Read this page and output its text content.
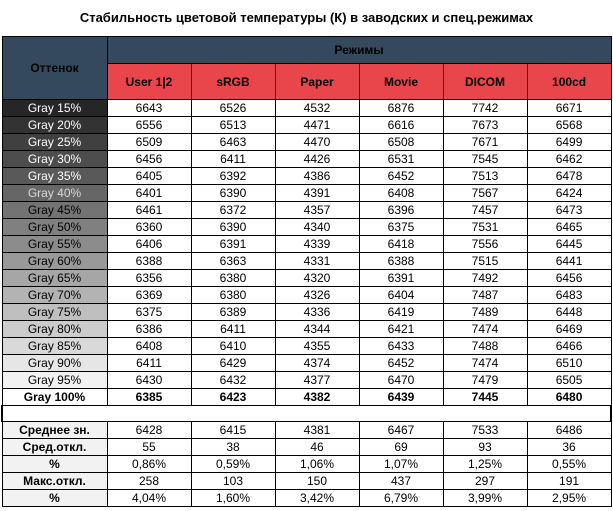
Стабильность цветовой температуры (К) в заводских и спец.режимах
Оттенок	Режимы					
	User 1|2	sRGB	Paper	Movie	DICOM	100cd
Gray 15%	6643	6526	4532	6876	7742	6671
Gray 20%	6556	6513	4471	6616	7673	6568
Gray 25%	6509	6463	4470	6508	7671	6499
Gray 30%	6456	6411	4426	6531	7545	6462
Gray 35%	6405	6392	4386	6452	7513	6478
Gray 40%	6401	6390	4391	6408	7567	6424
Gray 45%	6461	6372	4357	6396	7457	6473
Gray 50%	6360	6390	4340	6375	7531	6465
Gray 55%	6406	6391	4339	6418	7556	6445
Gray 60%	6388	6363	4331	6388	7515	6441
Gray 65%	6356	6380	4320	6391	7492	6456
Gray 70%	6369	6380	4326	6404	7487	6483
Gray 75%	6375	6389	4336	6419	7489	6448
Gray 80%	6386	6411	4344	6421	7474	6469
Gray 85%	6408	6410	4355	6433	7488	6466
Gray 90%	6411	6429	4374	6452	7474	6510
Gray 95%	6430	6432	4377	6470	7479	6505
Gray 100%	6385	6423	4382	6439	7445	6480

Среднее зн.	6428	6415	4381	6467	7533	6486
Сред.откл.	55	38	46	69	93	36
%	0,86%	0,59%	1,06%	1,07%	1,25%	0,55%
Макс.откл.	258	103	150	437	297	191
%	4,04%	1,60%	3,42%	6,79%	3,99%	2,95%
